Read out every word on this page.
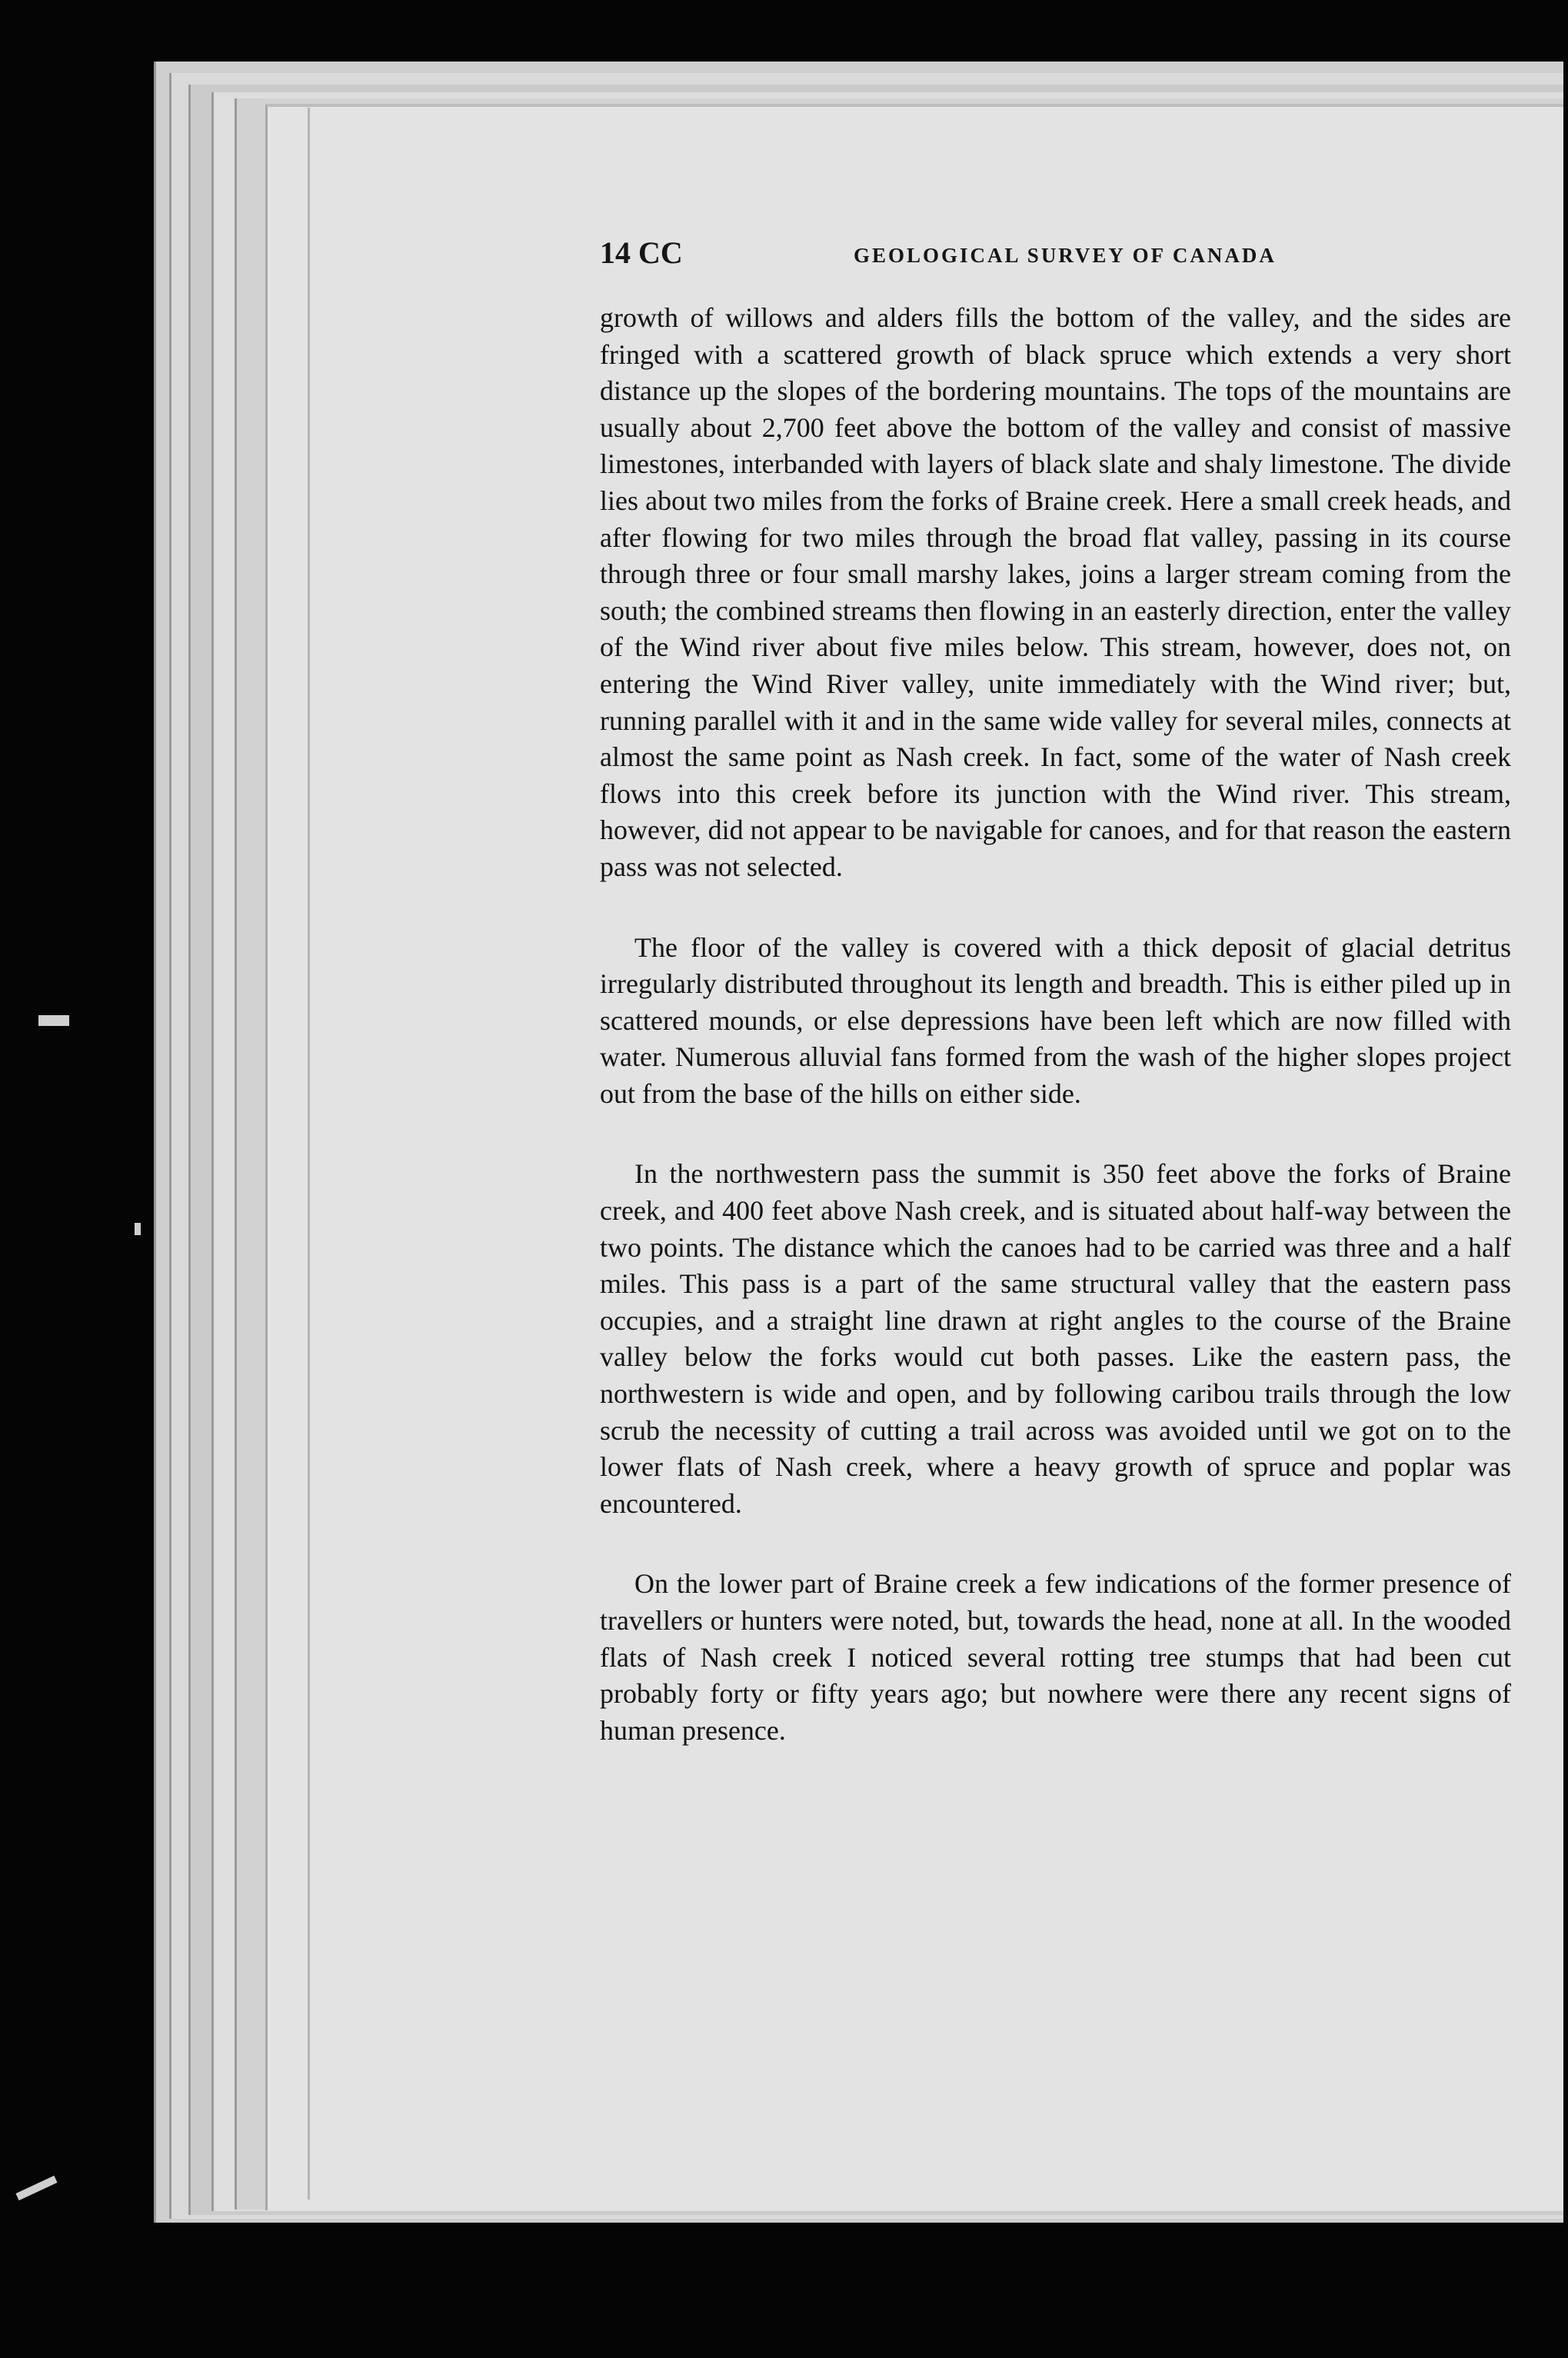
14 CC	GEOLOGICAL SURVEY OF CANADA

growth of willows and alders fills the bottom of the valley, and the sides are fringed with a scattered growth of black spruce which extends a very short distance up the slopes of the bordering mountains. The tops of the mountains are usually about 2,700 feet above the bottom of the valley and consist of massive limestones, interbanded with layers of black slate and shaly limestone. The divide lies about two miles from the forks of Braine creek. Here a small creek heads, and after flowing for two miles through the broad flat valley, passing in its course through three or four small marshy lakes, joins a larger stream coming from the south; the combined streams then flowing in an easterly direction, enter the valley of the Wind river about five miles below. This stream, however, does not, on entering the Wind River valley, unite immediately with the Wind river; but, running parallel with it and in the same wide valley for several miles, connects at almost the same point as Nash creek. In fact, some of the water of Nash creek flows into this creek before its junction with the Wind river. This stream, however, did not appear to be navigable for canoes, and for that reason the eastern pass was not selected.

The floor of the valley is covered with a thick deposit of glacial detritus irregularly distributed throughout its length and breadth. This is either piled up in scattered mounds, or else depressions have been left which are now filled with water. Numerous alluvial fans formed from the wash of the higher slopes project out from the base of the hills on either side.

In the northwestern pass the summit is 350 feet above the forks of Braine creek, and 400 feet above Nash creek, and is situated about half-way between the two points. The distance which the canoes had to be carried was three and a half miles. This pass is a part of the same structural valley that the eastern pass occupies, and a straight line drawn at right angles to the course of the Braine valley below the forks would cut both passes. Like the eastern pass, the northwestern is wide and open, and by following caribou trails through the low scrub the necessity of cutting a trail across was avoided until we got on to the lower flats of Nash creek, where a heavy growth of spruce and poplar was encountered.

On the lower part of Braine creek a few indications of the former presence of travellers or hunters were noted, but, towards the head, none at all. In the wooded flats of Nash creek I noticed several rotting tree stumps that had been cut probably forty or fifty years ago; but nowhere were there any recent signs of human presence.
